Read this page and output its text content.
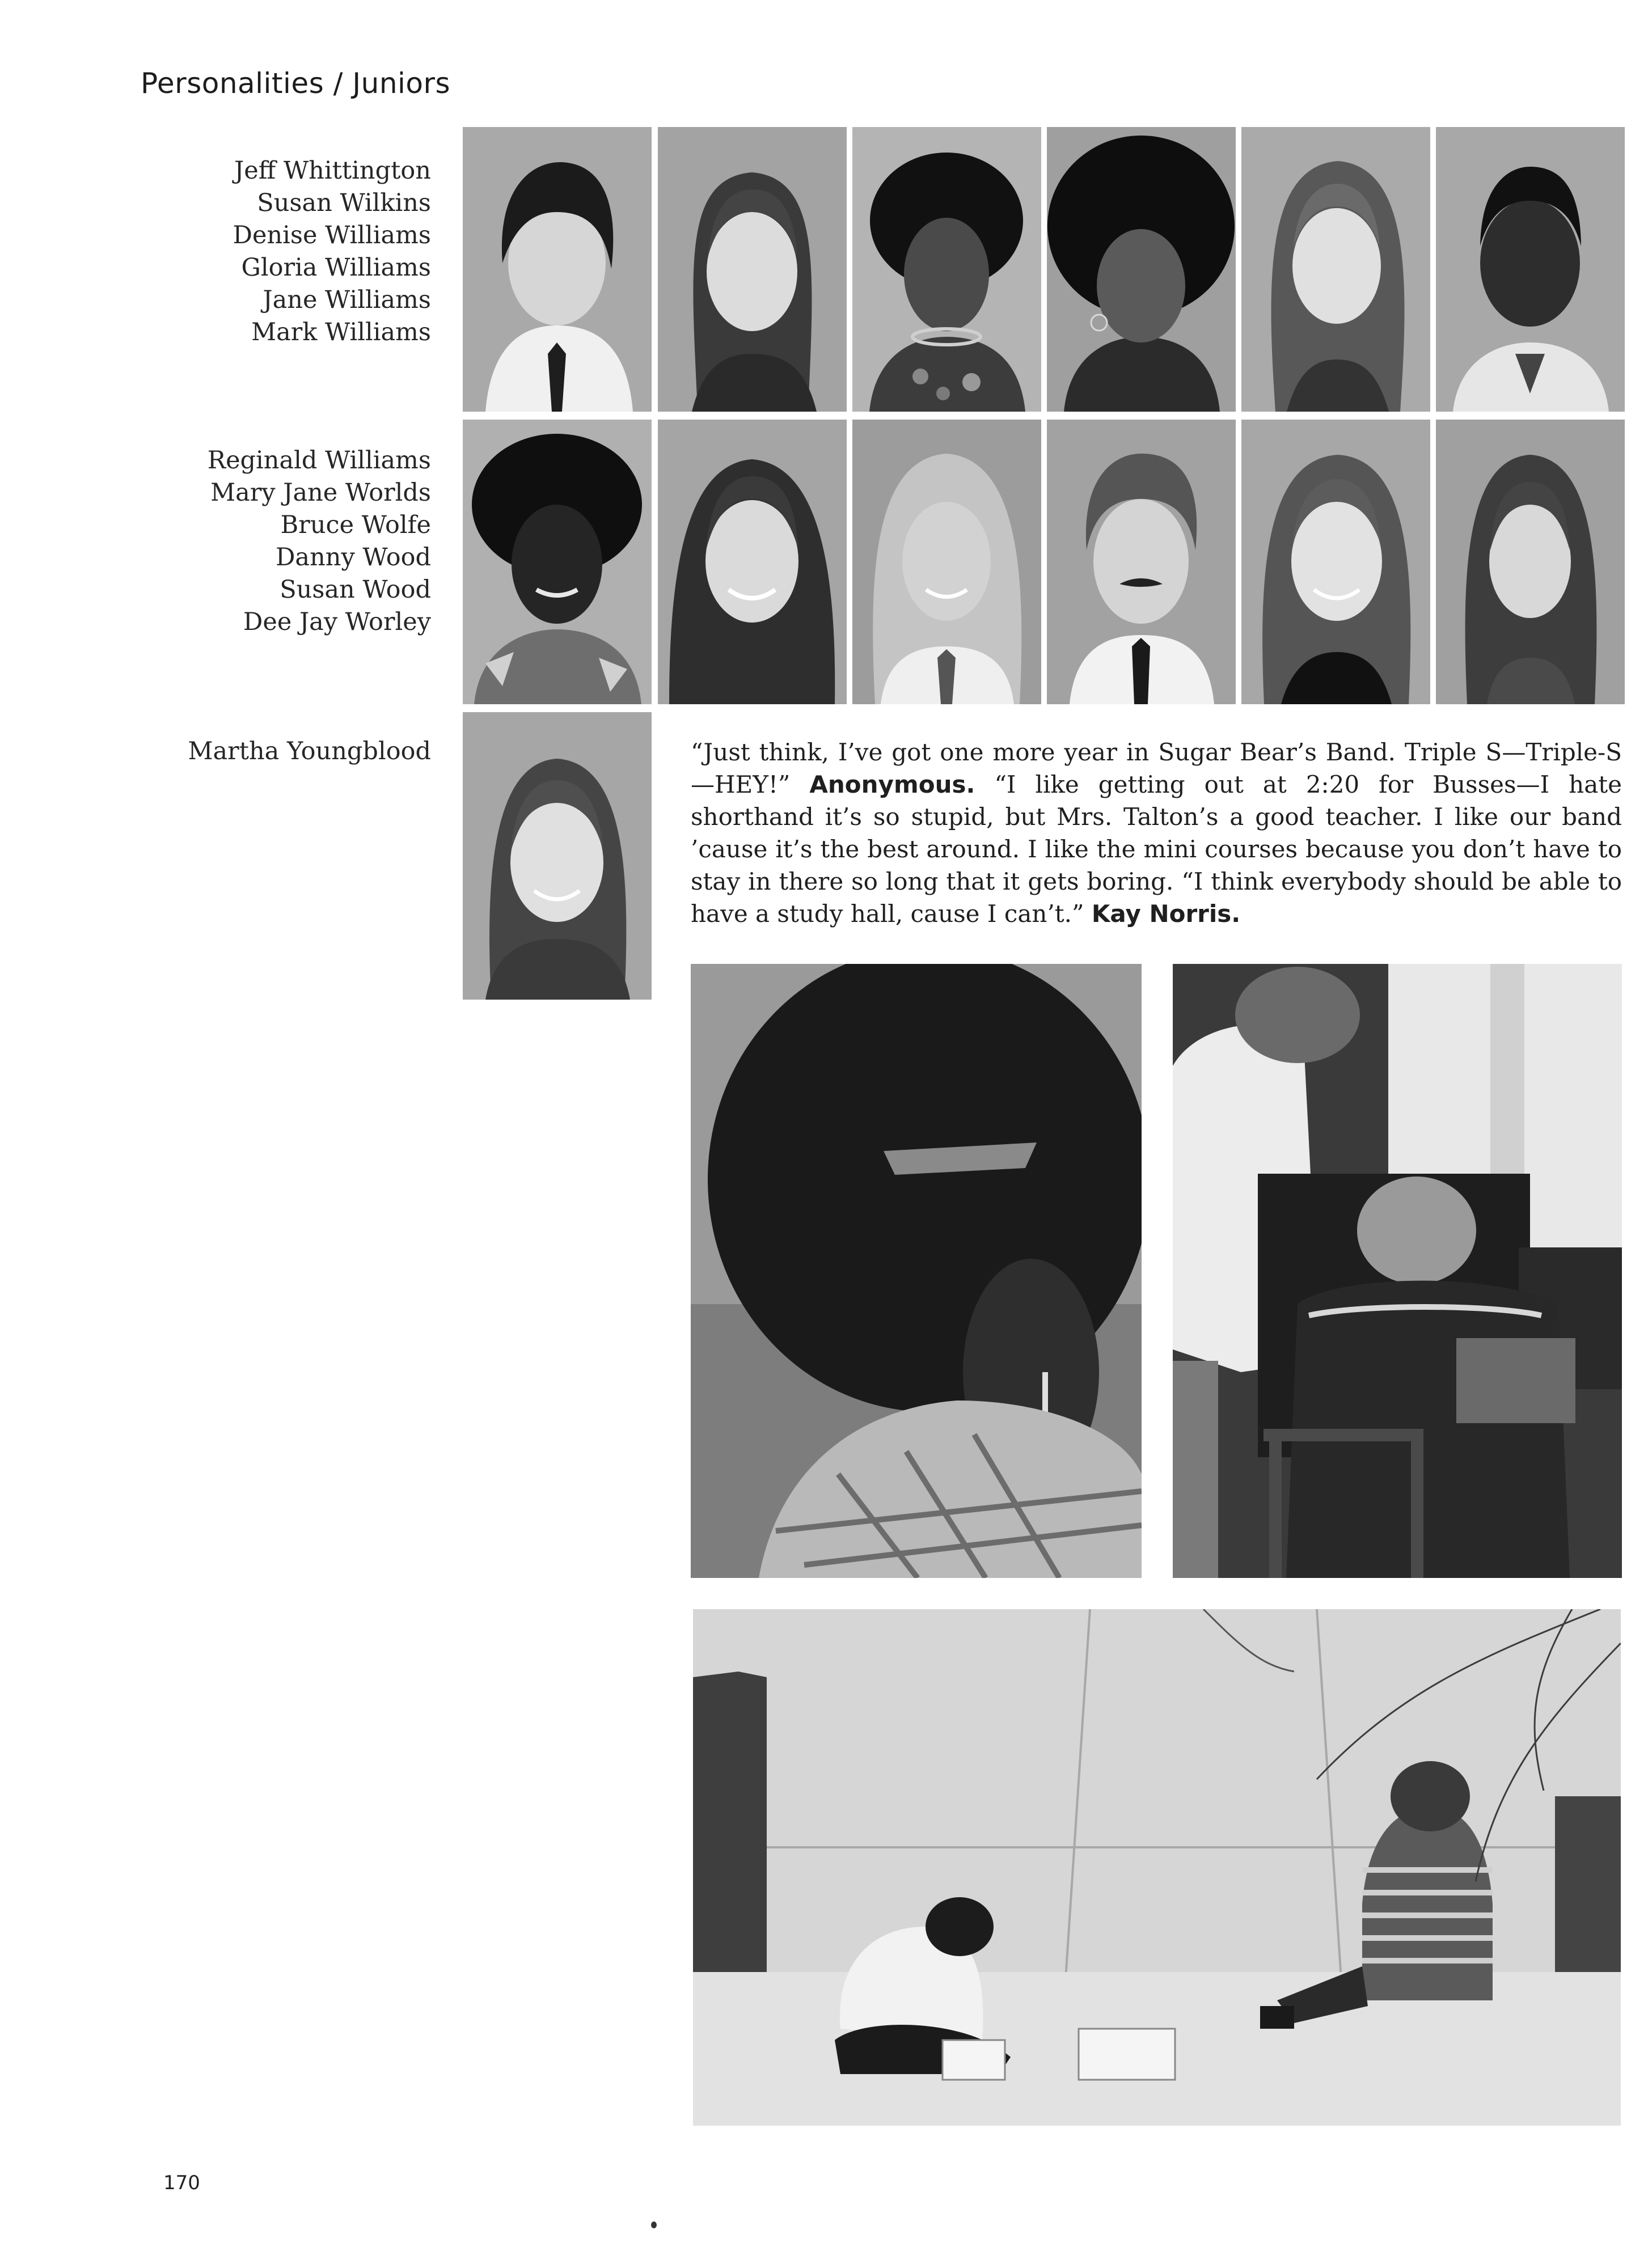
Personalities / Juniors
Jeff Whittington
Susan Wilkins
Denise Williams
Gloria Williams
Jane Williams
Mark Williams
Reginald Williams
Mary Jane Worlds
Bruce Wolfe
Danny Wood
Susan Wood
Dee Jay Worley
Martha Youngblood	“Just think, I’ve got one more year in Sugar Bear’s Band. Triple S—Triple-S—HEY!” Anonymous. “I like getting out at 2:20 for Busses—I hate shorthand it’s so stupid, but Mrs. Talton’s a good teacher. I like our band ’cause it’s the best around. I like the mini courses because you don’t have to stay in there so long that it gets boring. “I think everybody should be able to have a study hall, cause I can’t.” Kay Norris.
170
